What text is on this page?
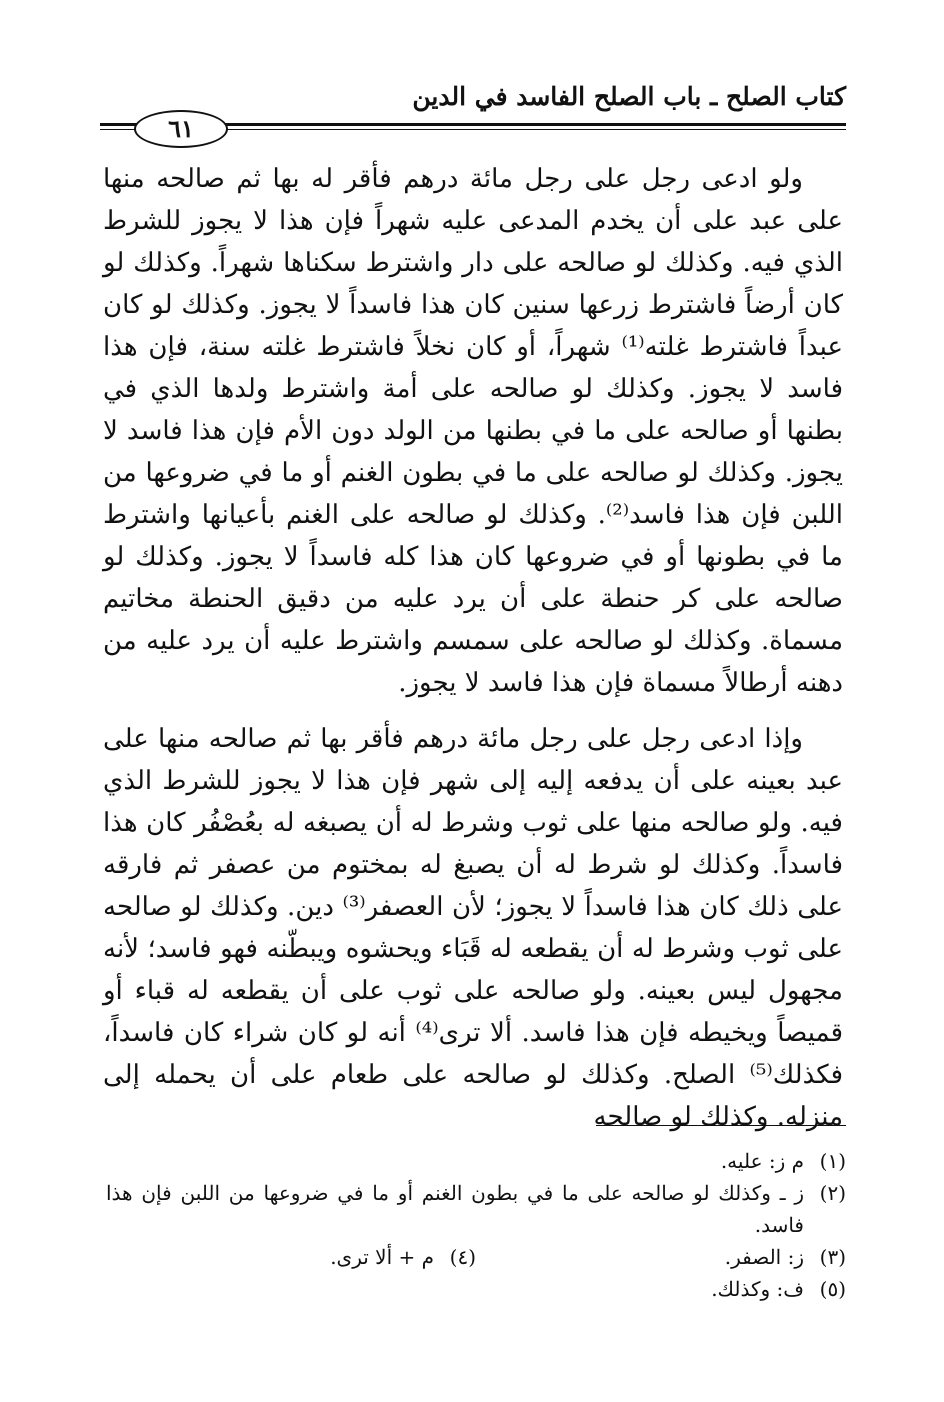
كتاب الصلح ـ باب الصلح الفاسد في الدين
٦١

ولو ادعى رجل على رجل مائة درهم فأقر له بها ثم صالحه منها على عبد على أن يخدم المدعى عليه شهراً فإن هذا لا يجوز للشرط الذي فيه. وكذلك لو صالحه على دار واشترط سكناها شهراً. وكذلك لو كان أرضاً فاشترط زرعها سنين كان هذا فاسداً لا يجوز. وكذلك لو كان عبداً فاشترط غلته⁽¹⁾ شهراً، أو كان نخلاً فاشترط غلته سنة، فإن هذا فاسد لا يجوز. وكذلك لو صالحه على أمة واشترط ولدها الذي في بطنها أو صالحه على ما في بطنها من الولد دون الأم فإن هذا فاسد لا يجوز. وكذلك لو صالحه على ما في بطون الغنم أو ما في ضروعها من اللبن فإن هذا فاسد⁽²⁾. وكذلك لو صالحه على الغنم بأعيانها واشترط ما في بطونها أو في ضروعها كان هذا كله فاسداً لا يجوز. وكذلك لو صالحه على كر حنطة على أن يرد عليه من دقيق الحنطة مخاتيم مسماة. وكذلك لو صالحه على سمسم واشترط عليه أن يرد عليه من دهنه أرطالاً مسماة فإن هذا فاسد لا يجوز.

وإذا ادعى رجل على رجل مائة درهم فأقر بها ثم صالحه منها على عبد بعينه على أن يدفعه إليه إلى شهر فإن هذا لا يجوز للشرط الذي فيه. ولو صالحه منها على ثوب وشرط له أن يصبغه له بعُصْفُر كان هذا فاسداً. وكذلك لو شرط له أن يصبغ له بمختوم من عصفر ثم فارقه على ذلك كان هذا فاسداً لا يجوز؛ لأن العصفر⁽³⁾ دين. وكذلك لو صالحه على ثوب وشرط له أن يقطعه له قَبَاء ويحشوه ويبطّنه فهو فاسد؛ لأنه مجهول ليس بعينه. ولو صالحه على ثوب على أن يقطعه له قباء أو قميصاً ويخيطه فإن هذا فاسد. ألا ترى⁽⁴⁾ أنه لو كان شراء كان فاسداً، فكذلك⁽⁵⁾ الصلح. وكذلك لو صالحه على طعام على أن يحمله إلى منزله. وكذلك لو صالحه

(١)
م ز: عليه.
(٢)
ز ـ وكذلك لو صالحه على ما في بطون الغنم أو ما في ضروعها من اللبن فإن هذا فاسد.
(٣)
ز: الصفر.
(٤)
م + ألا ترى.
(٥)
ف: وكذلك.
